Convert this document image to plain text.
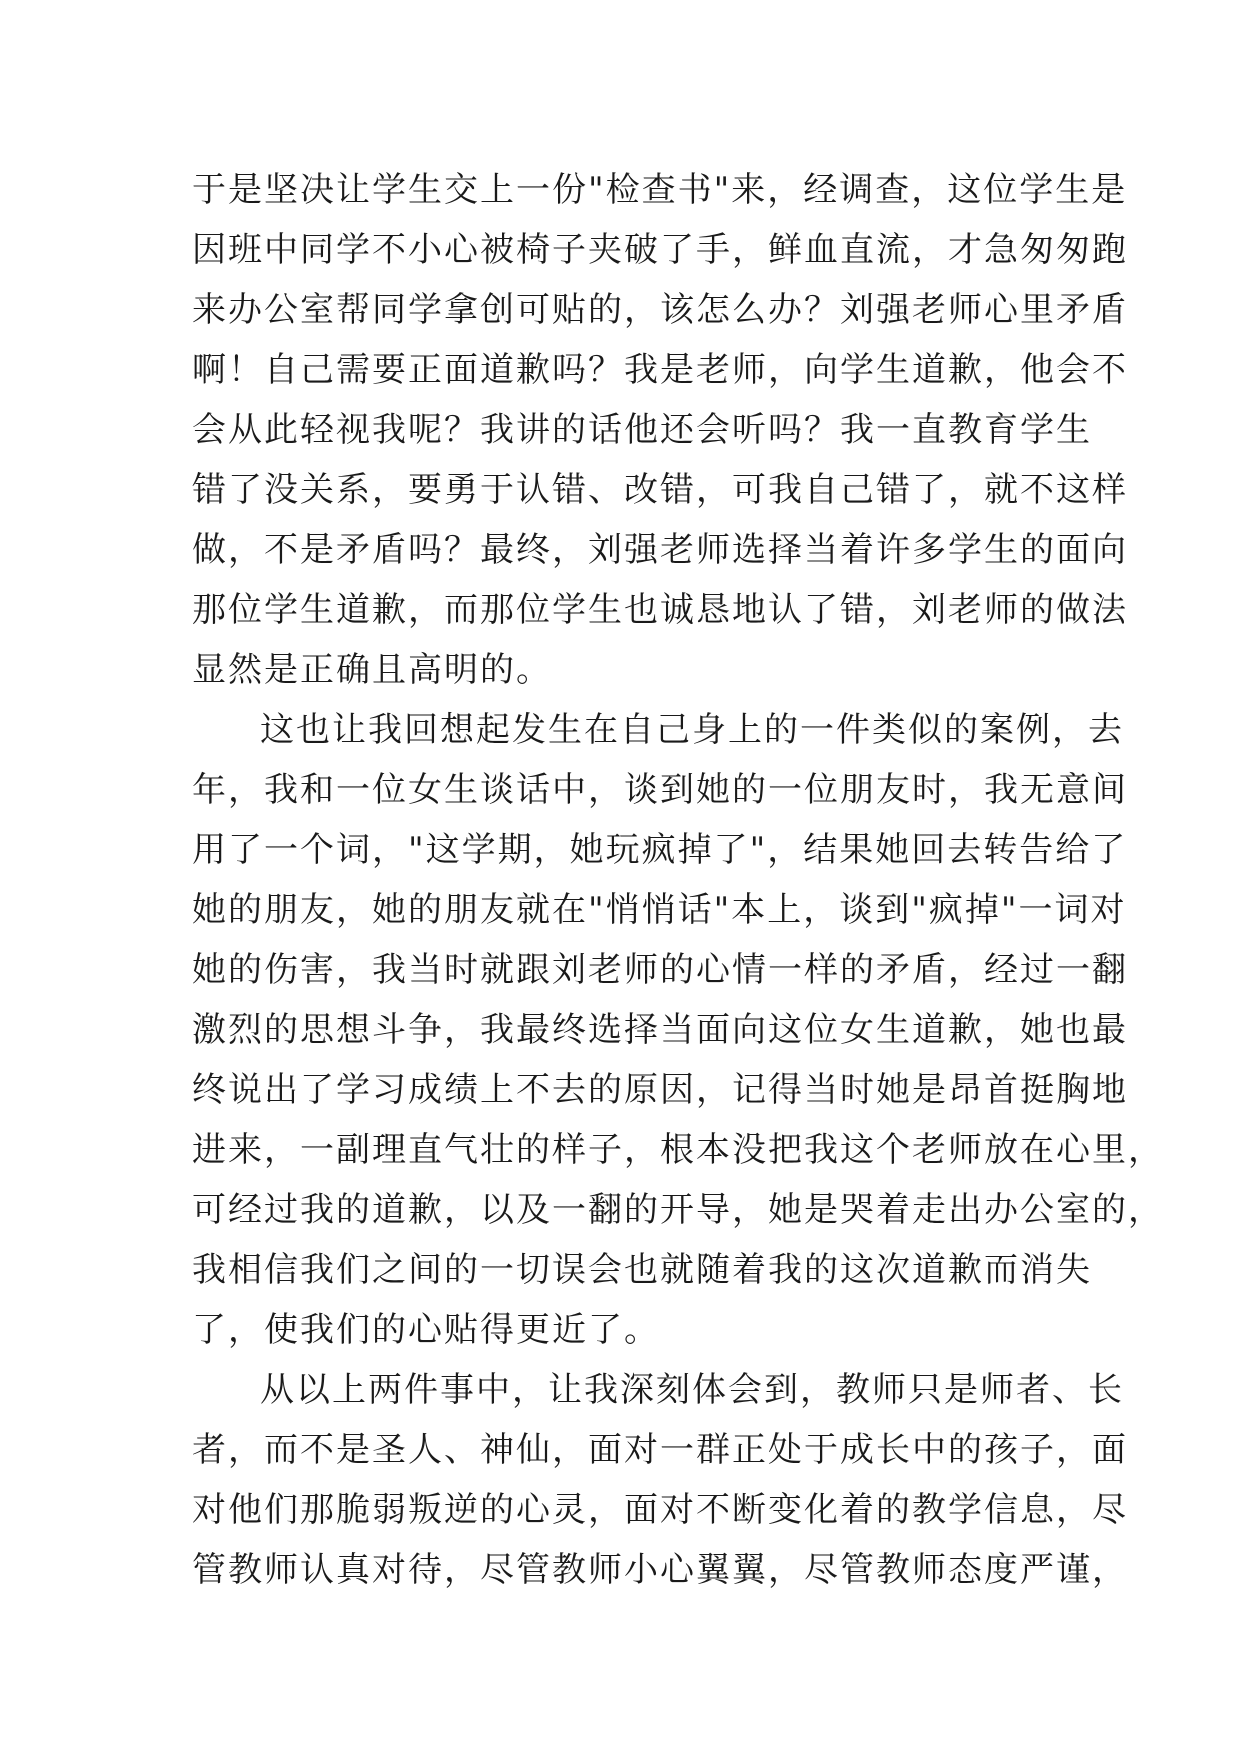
于是坚决让学生交上一份"检查书"来，经调查，这位学生是
因班中同学不小心被椅子夹破了手，鲜血直流，才急匆匆跑
来办公室帮同学拿创可贴的，该怎么办？刘强老师心里矛盾
啊！自己需要正面道歉吗？我是老师，向学生道歉，他会不
会从此轻视我呢？我讲的话他还会听吗？我一直教育学生
错了没关系，要勇于认错、改错，可我自己错了，就不这样
做，不是矛盾吗？最终，刘强老师选择当着许多学生的面向
那位学生道歉，而那位学生也诚恳地认了错，刘老师的做法
显然是正确且高明的。
这也让我回想起发生在自己身上的一件类似的案例，去
年，我和一位女生谈话中，谈到她的一位朋友时，我无意间
用了一个词，"这学期，她玩疯掉了"，结果她回去转告给了
她的朋友，她的朋友就在"悄悄话"本上，谈到"疯掉"一词对
她的伤害，我当时就跟刘老师的心情一样的矛盾，经过一翻
激烈的思想斗争，我最终选择当面向这位女生道歉，她也最
终说出了学习成绩上不去的原因，记得当时她是昂首挺胸地
进来，一副理直气壮的样子，根本没把我这个老师放在心里，
可经过我的道歉，以及一翻的开导，她是哭着走出办公室的，
我相信我们之间的一切误会也就随着我的这次道歉而消失
了，使我们的心贴得更近了。
从以上两件事中，让我深刻体会到，教师只是师者、长
者，而不是圣人、神仙，面对一群正处于成长中的孩子，面
对他们那脆弱叛逆的心灵，面对不断变化着的教学信息，尽
管教师认真对待，尽管教师小心翼翼，尽管教师态度严谨，
